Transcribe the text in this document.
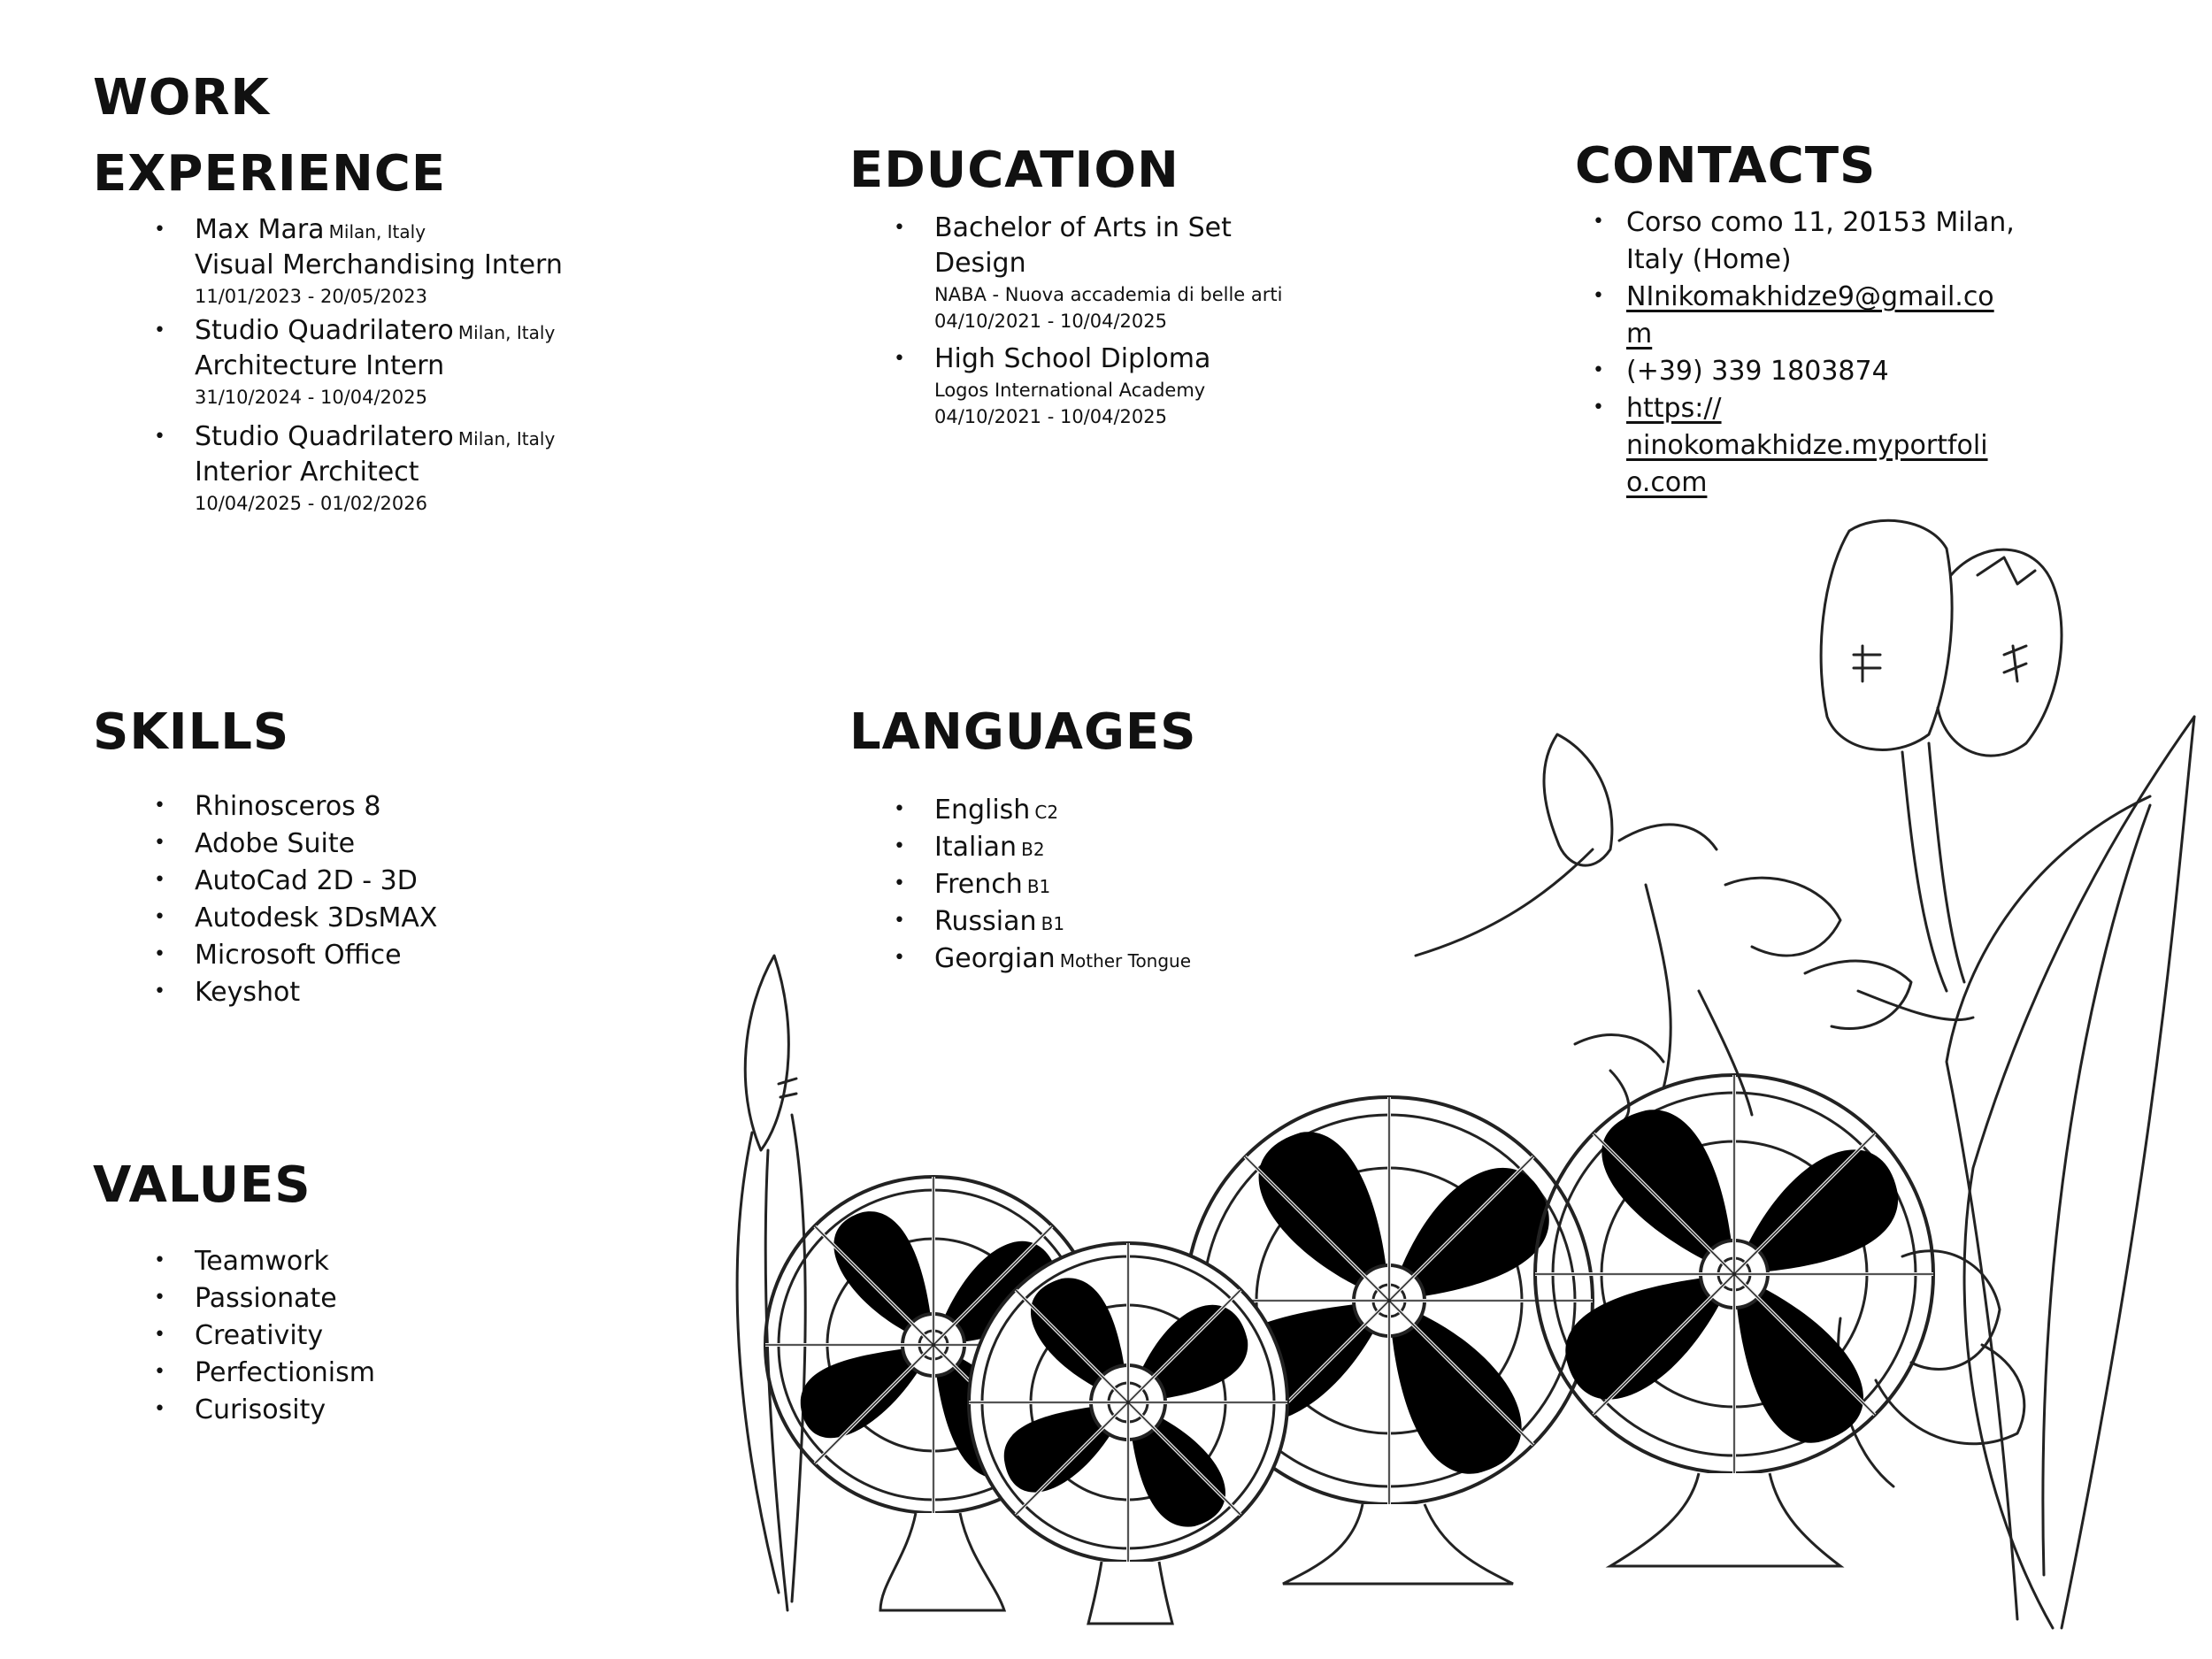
WORK
EXPERIENCE
• Max Mara Milan, Italy
Visual Merchandising Intern
11/01/2023 - 20/05/2023
• Studio Quadrilatero Milan, Italy
Architecture Intern
31/10/2024 - 10/04/2025
• Studio Quadrilatero Milan, Italy
Interior Architect
10/04/2025 - 01/02/2026
EDUCATION
• Bachelor of Arts in Set
Design
NABA - Nuova accademia di belle arti
04/10/2021 - 10/04/2025
• High School Diploma
Logos International Academy
04/10/2021 - 10/04/2025
CONTACTS
• Corso como 11, 20153 Milan,
Italy (Home)
• NInikomakhidze9@gmail.co
m
• (+39) 339 1803874
• https://
ninokomakhidze.myportfoli
o.com
SKILLS
• Rhinosceros 8
• Adobe Suite
• AutoCad 2D - 3D
• Autodesk 3DsMAX
• Microsoft Office
• Keyshot
LANGUAGES
• English C2
• Italian B2
• French B1
• Russian B1
• Georgian Mother Tongue
VALUES
• Teamwork
• Passionate
• Creativity
• Perfectionism
• Curisosity
